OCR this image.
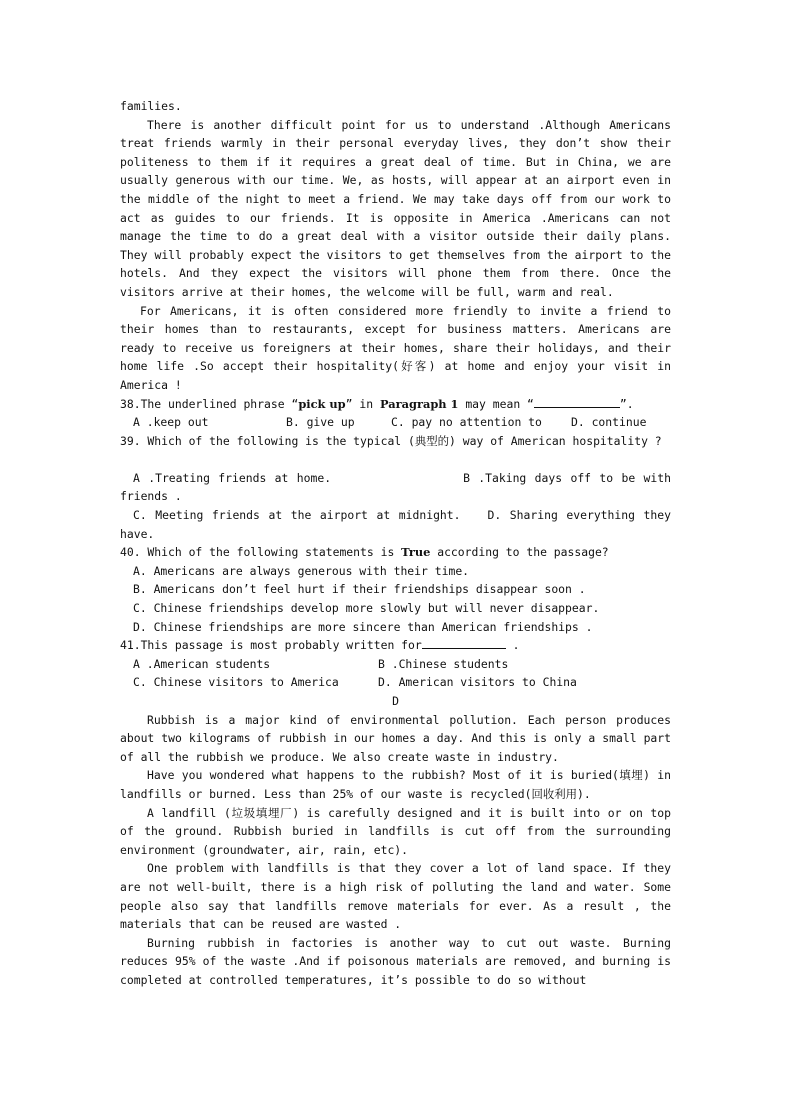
families.

There is another difficult point for us to understand .Although Americans treat friends warmly in their personal everyday lives, they don’t show their politeness to them if it requires a great deal of time. But in China, we are usually generous with our time. We, as hosts, will appear at an airport even in the middle of the night to meet a friend. We may take days off from our work to act as guides to our friends. It is opposite in America .Americans can not manage the time to do a great deal with a visitor outside their daily plans. They will probably expect the visitors to get themselves from the airport to the hotels. And they expect the visitors will phone them from there. Once the visitors arrive at their homes, the welcome will be full, warm and real.

For Americans, it is often considered more friendly to invite a friend to their homes than to restaurants, except for business matters. Americans are ready to receive us foreigners at their homes, share their holidays, and their home life .So accept their hospitality(好客) at home and enjoy your visit in America !

38.The underlined phrase “pick up” in Paragraph 1 may mean “	”.

A .keep out	B. give up	C. pay no attention to	D. continue

39. Which of the following is the typical (典型的) way of American hospitality ?

A .Treating friends at home.	B .Taking days off to be with friends .

C. Meeting friends at the airport at midnight. D. Sharing everything they have.

40. Which of the following statements is True according to the passage?

A. Americans are always generous with their time.

B. Americans don’t feel hurt if their friendships disappear soon .

C. Chinese friendships develop more slowly but will never disappear.

D. Chinese friendships are more sincere than American friendships .

41.This passage is most probably written for	.

A .American students	B .Chinese students
C. Chinese visitors to America	D. American visitors to China

D

Rubbish is a major kind of environmental pollution. Each person produces about two kilograms of rubbish in our homes a day. And this is only a small part of all the rubbish we produce. We also create waste in industry.

Have you wondered what happens to the rubbish? Most of it is buried(填埋) in landfills or burned. Less than 25% of our waste is recycled(回收利用).

A landfill (垃圾填埋厂) is carefully designed and it is built into or on top of the ground. Rubbish buried in landfills is cut off from the surrounding environment (groundwater, air, rain, etc).

One problem with landfills is that they cover a lot of land space. If they are not well-built, there is a high risk of polluting the land and water. Some people also say that landfills remove materials for ever. As a result , the materials that can be reused are wasted .

Burning rubbish in factories is another way to cut out waste. Burning reduces 95% of the waste .And if poisonous materials are removed, and burning is completed at controlled temperatures, it’s possible to do so without
